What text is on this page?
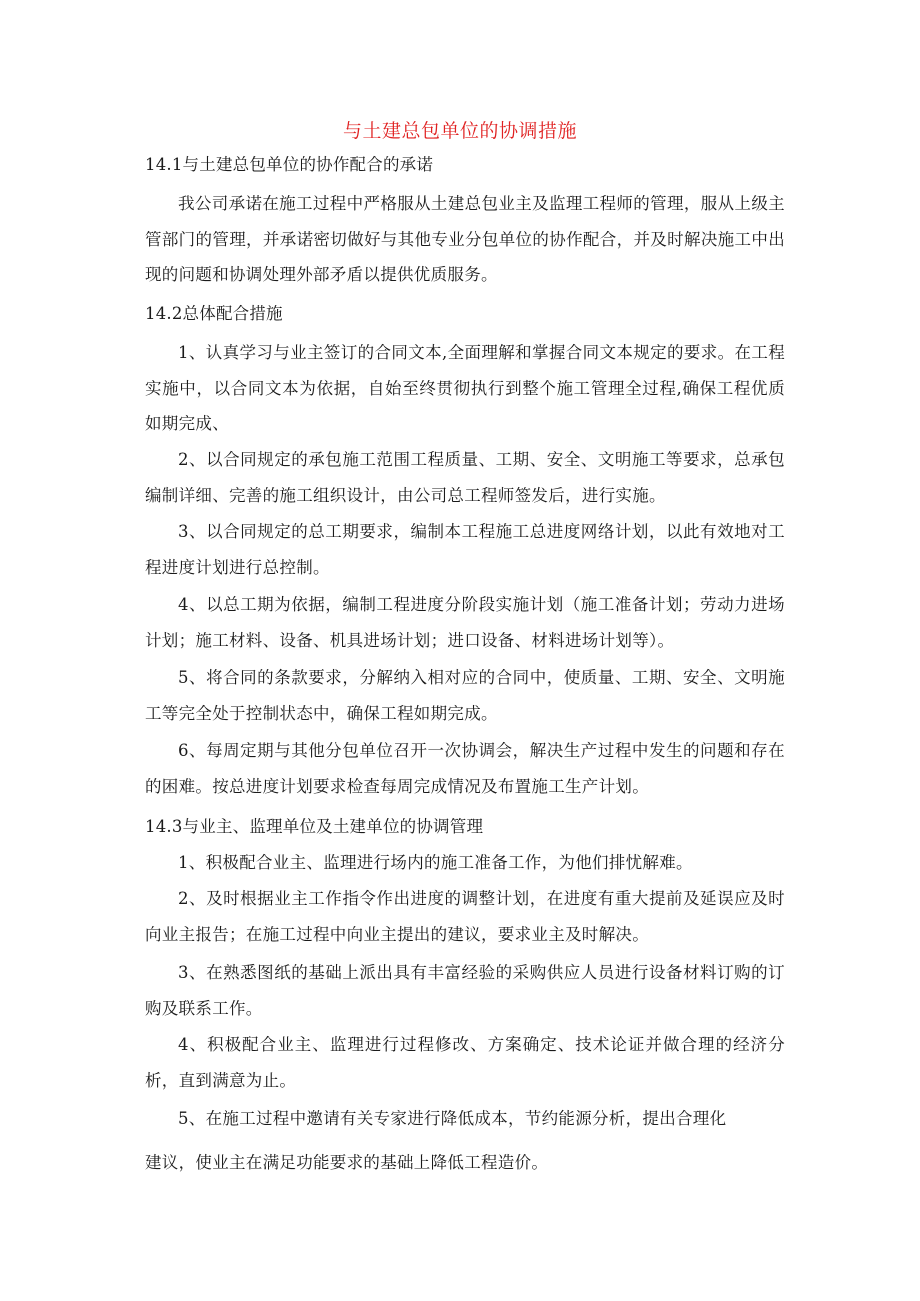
与土建总包单位的协调措施
14.1与土建总包单位的协作配合的承诺

我公司承诺在施工过程中严格服从土建总包业主及监理工程师的管理，服从上级主管部门的管理，并承诺密切做好与其他专业分包单位的协作配合，并及时解决施工中出现的问题和协调处理外部矛盾以提供优质服务。

14.2总体配合措施

1、认真学习与业主签订的合同文本,全面理解和掌握合同文本规定的要求。在工程实施中，以合同文本为依据，自始至终贯彻执行到整个施工管理全过程,确保工程优质如期完成、

2、以合同规定的承包施工范围工程质量、工期、安全、文明施工等要求，总承包编制详细、完善的施工组织设计，由公司总工程师签发后，进行实施。

3、以合同规定的总工期要求，编制本工程施工总进度网络计划，以此有效地对工程进度计划进行总控制。

4、以总工期为依据，编制工程进度分阶段实施计划（施工准备计划；劳动力进场计划；施工材料、设备、机具进场计划；进口设备、材料进场计划等）。

5、将合同的条款要求，分解纳入相对应的合同中，使质量、工期、安全、文明施工等完全处于控制状态中，确保工程如期完成。

6、每周定期与其他分包单位召开一次协调会，解决生产过程中发生的问题和存在的困难。按总进度计划要求检查每周完成情况及布置施工生产计划。

14.3与业主、监理单位及土建单位的协调管理

1、积极配合业主、监理进行场内的施工准备工作，为他们排忧解难。

2、及时根据业主工作指令作出进度的调整计划，在进度有重大提前及延误应及时向业主报告；在施工过程中向业主提出的建议，要求业主及时解决。

3、在熟悉图纸的基础上派出具有丰富经验的采购供应人员进行设备材料订购的订购及联系工作。

4、积极配合业主、监理进行过程修改、方案确定、技术论证并做合理的经济分析，直到满意为止。

5、在施工过程中邀请有关专家进行降低成本，节约能源分析，提出合理化

建议，使业主在满足功能要求的基础上降低工程造价。
